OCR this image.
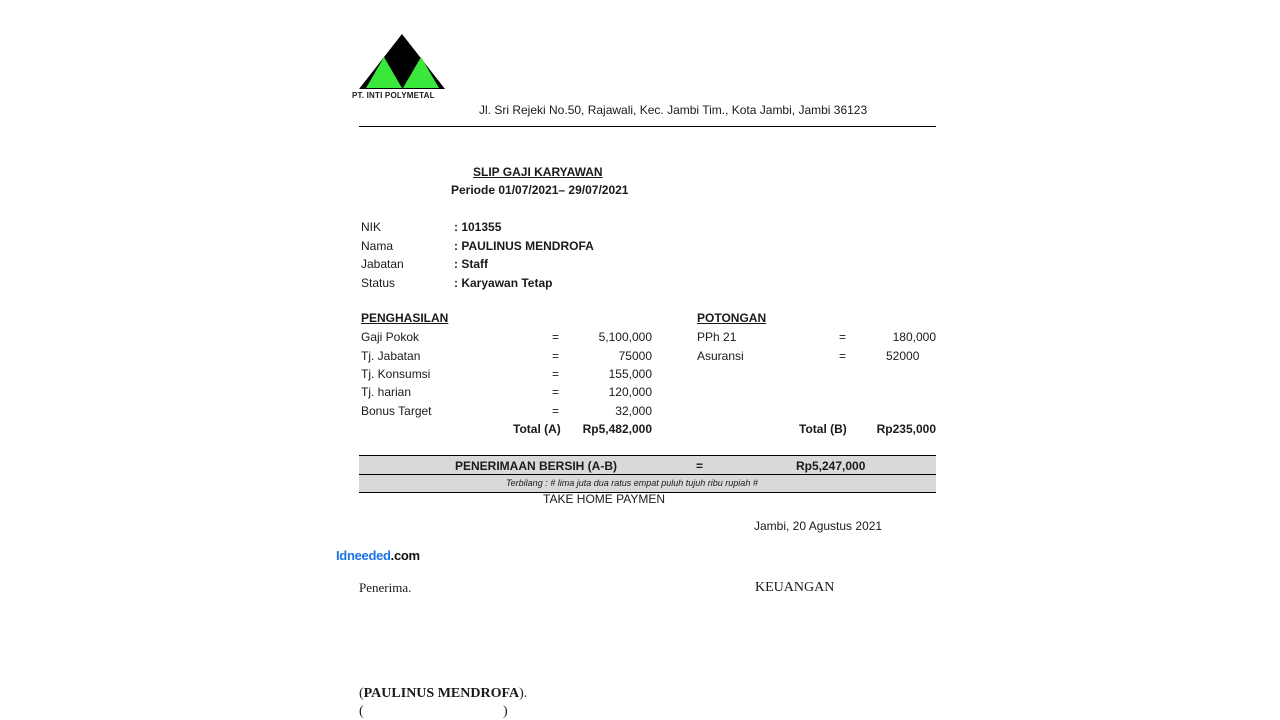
PT. INTI POLYMETAL
Jl. Sri Rejeki No.50, Rajawali, Kec. Jambi Tim., Kota Jambi, Jambi 36123
SLIP GAJI KARYAWAN
Periode 01/07/2021– 29/07/2021
NIK	: 101355
Nama	: PAULINUS MENDROFA
Jabatan	: Staff
Status	: Karyawan Tetap
PENGHASILAN
Gaji Pokok	=	5,100,000
Tj. Jabatan	=	75000
Tj. Konsumsi	=	155,000
Tj. harian	=	120,000
Bonus Target	=	32,000
Total (A)	Rp5,482,000
POTONGAN
PPh 21	=	180,000
Asuransi	=	52000
Total (B)	Rp235,000
PENERIMAAN BERSIH (A-B)	=	Rp5,247,000
Terbilang : # lima juta dua ratus empat puluh tujuh ribu rupiah #
TAKE HOME PAYMEN
Jambi, 20 Agustus 2021
Idneeded.com
Penerima.	KEUANGAN
(PAULINUS MENDROFA).
(	)
